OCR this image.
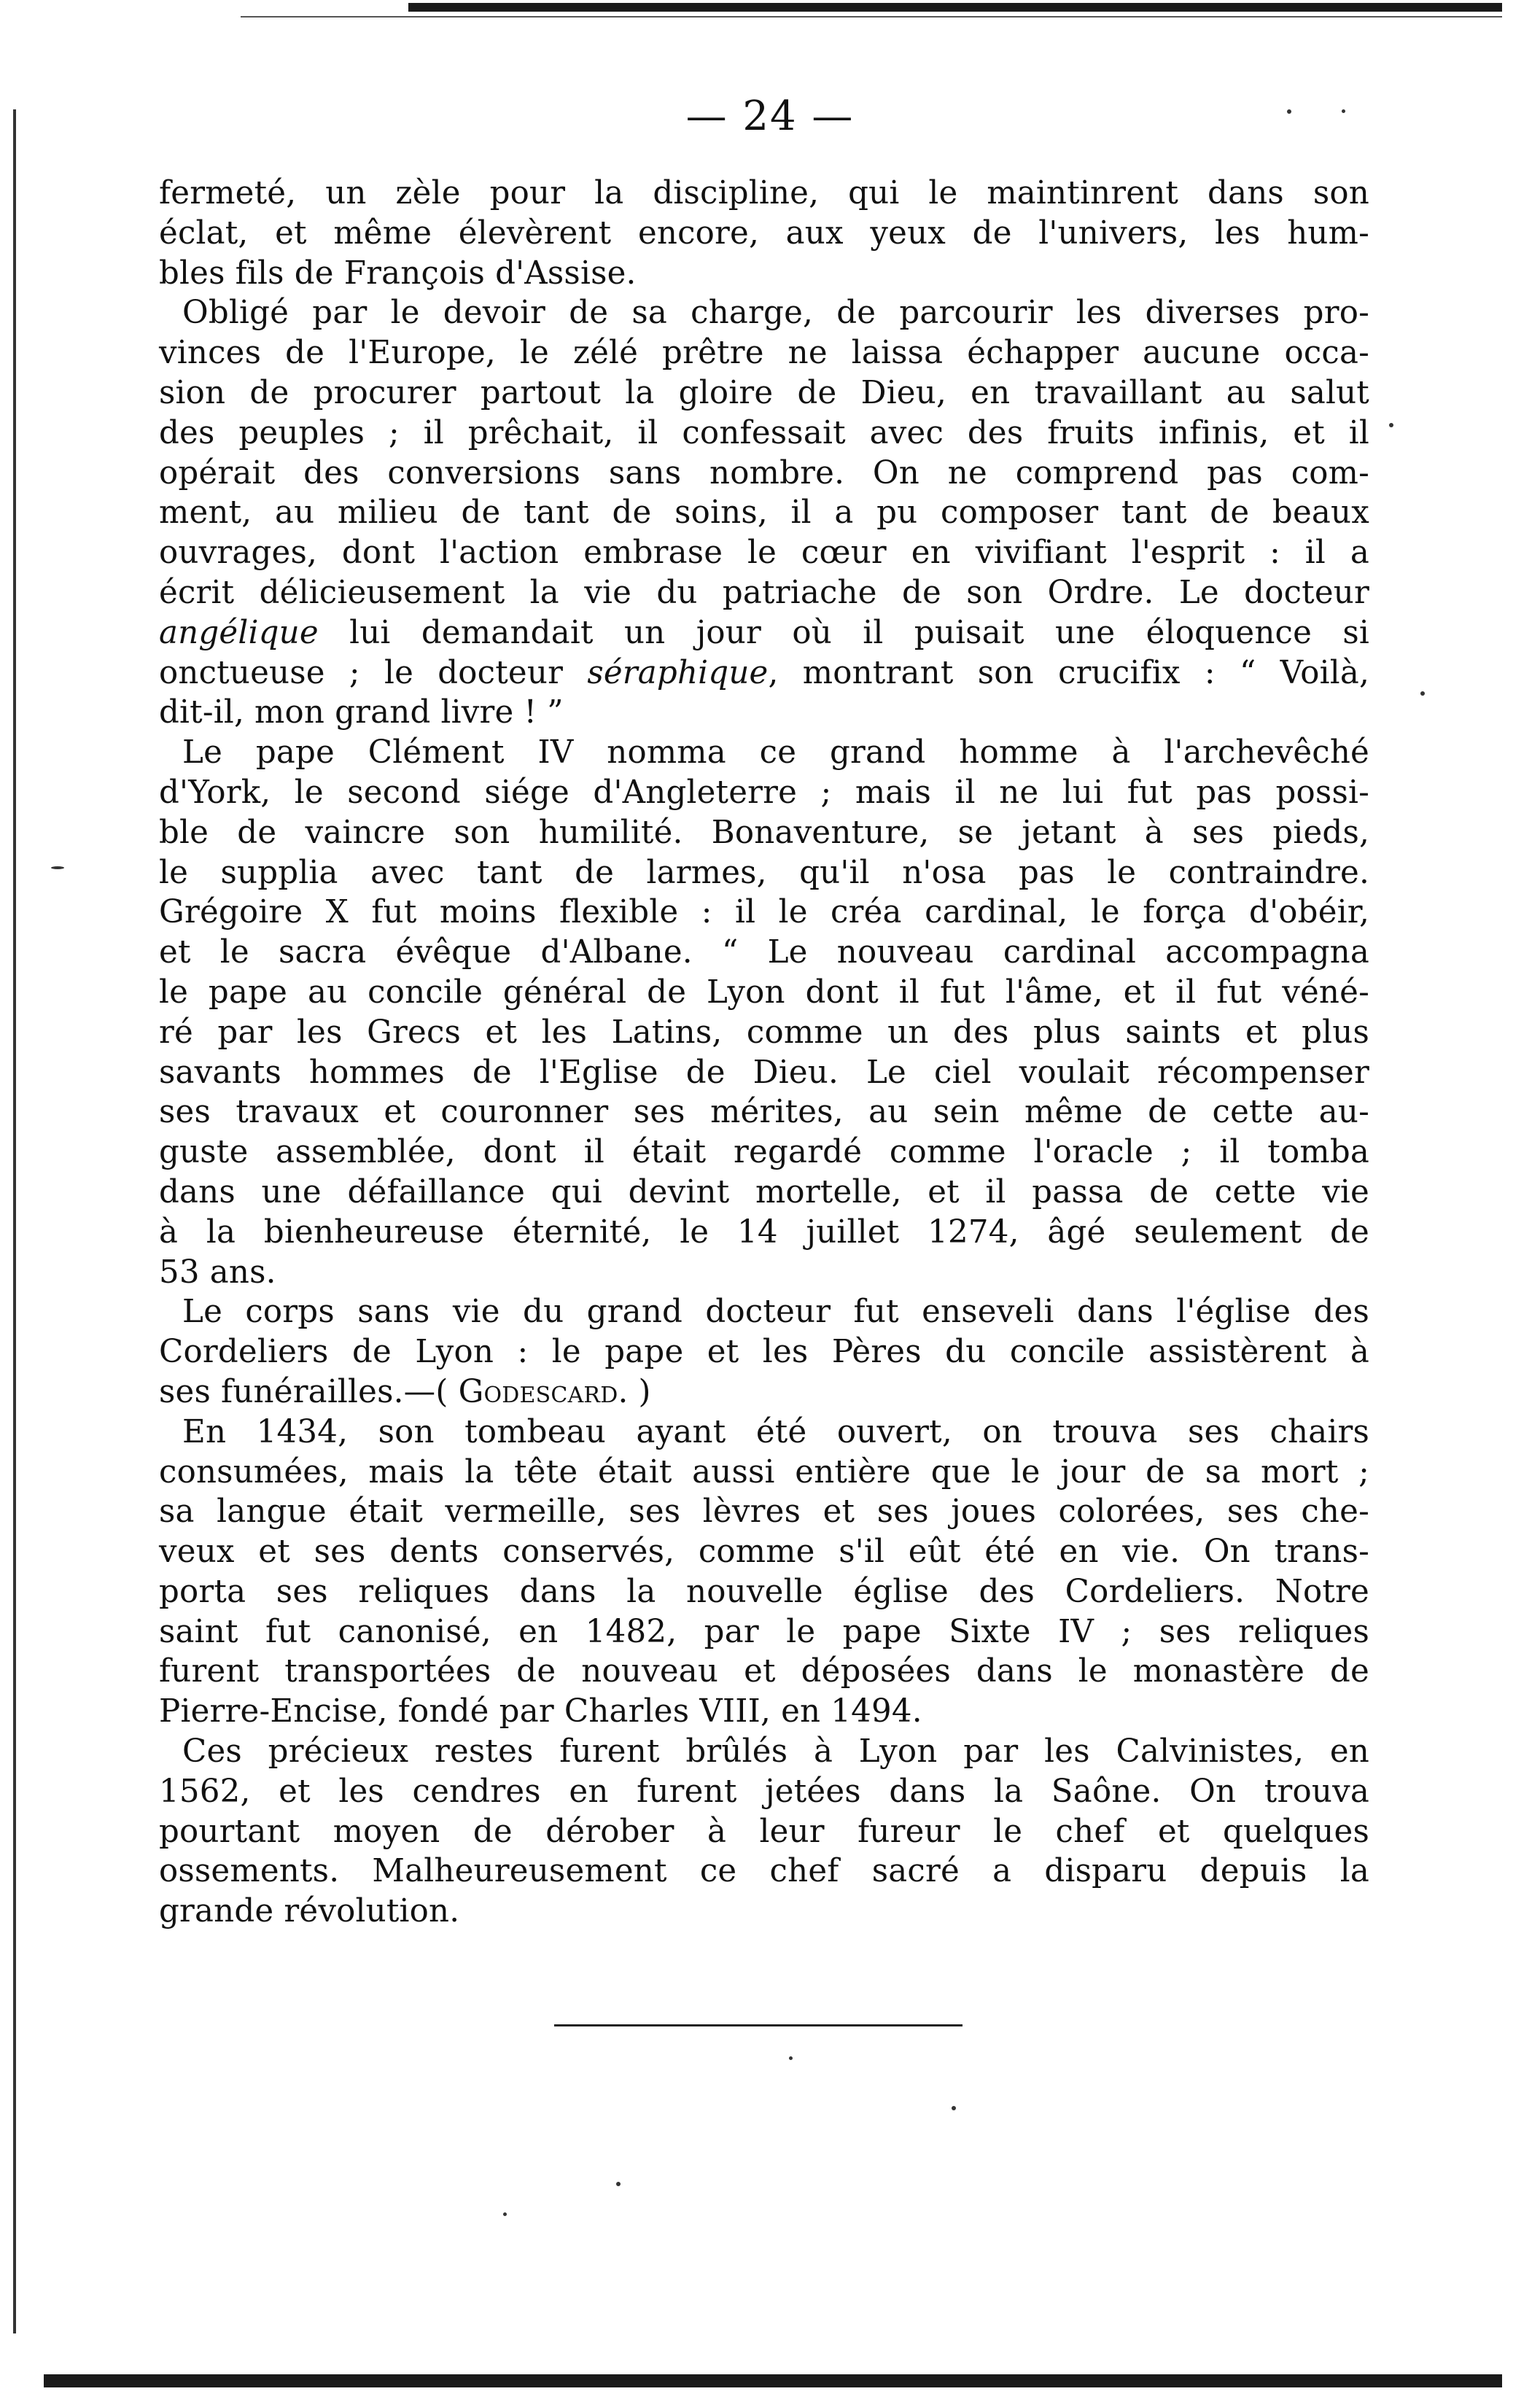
— 24 —
fermeté, un zèle pour la discipline, qui le maintinrent dans son
éclat, et même élevèrent encore, aux yeux de l'univers, les hum-
bles fils de François d'Assise.
Obligé par le devoir de sa charge, de parcourir les diverses pro-
vinces de l'Europe, le zélé prêtre ne laissa échapper aucune occa-
sion de procurer partout la gloire de Dieu, en travaillant au salut
des peuples ; il prêchait, il confessait avec des fruits infinis, et il
opérait des conversions sans nombre. On ne comprend pas com-
ment, au milieu de tant de soins, il a pu composer tant de beaux
ouvrages, dont l'action embrase le cœur en vivifiant l'esprit : il a
écrit délicieusement la vie du patriache de son Ordre. Le docteur
angélique lui demandait un jour où il puisait une éloquence si
onctueuse ; le docteur séraphique, montrant son crucifix : “ Voilà,
dit-il, mon grand livre ! ”
Le pape Clément IV nomma ce grand homme à l'archevêché
d'York, le second siége d'Angleterre ; mais il ne lui fut pas possi-
ble de vaincre son humilité. Bonaventure, se jetant à ses pieds,
le supplia avec tant de larmes, qu'il n'osa pas le contraindre.
Grégoire X fut moins flexible : il le créa cardinal, le força d'obéir,
et le sacra évêque d'Albane. “ Le nouveau cardinal accompagna
le pape au concile général de Lyon dont il fut l'âme, et il fut véné-
ré par les Grecs et les Latins, comme un des plus saints et plus
savants hommes de l'Eglise de Dieu. Le ciel voulait récompenser
ses travaux et couronner ses mérites, au sein même de cette au-
guste assemblée, dont il était regardé comme l'oracle ; il tomba
dans une défaillance qui devint mortelle, et il passa de cette vie
à la bienheureuse éternité, le 14 juillet 1274, âgé seulement de
53 ans.
Le corps sans vie du grand docteur fut enseveli dans l'église des
Cordeliers de Lyon : le pape et les Pères du concile assistèrent à
ses funérailles.—( Godescard. )
En 1434, son tombeau ayant été ouvert, on trouva ses chairs
consumées, mais la tête était aussi entière que le jour de sa mort ;
sa langue était vermeille, ses lèvres et ses joues colorées, ses che-
veux et ses dents conservés, comme s'il eût été en vie. On trans-
porta ses reliques dans la nouvelle église des Cordeliers. Notre
saint fut canonisé, en 1482, par le pape Sixte IV ; ses reliques
furent transportées de nouveau et déposées dans le monastère de
Pierre-Encise, fondé par Charles VIII, en 1494.
Ces précieux restes furent brûlés à Lyon par les Calvinistes, en
1562, et les cendres en furent jetées dans la Saône. On trouva
pourtant moyen de dérober à leur fureur le chef et quelques
ossements. Malheureusement ce chef sacré a disparu depuis la
grande révolution.
